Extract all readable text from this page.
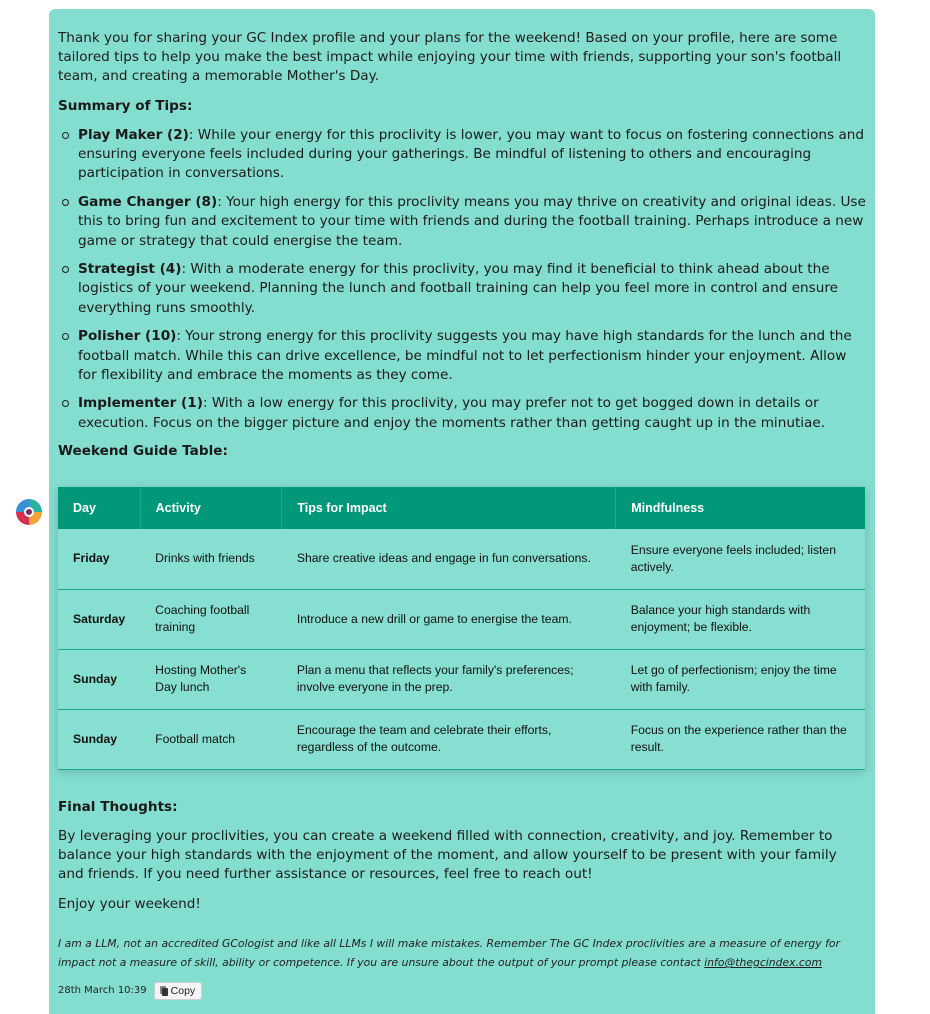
Thank you for sharing your GC Index profile and your plans for the weekend! Based on your profile, here are some tailored tips to help you make the best impact while enjoying your time with friends, supporting your son's football team, and creating a memorable Mother's Day.

Summary of Tips:
Play Maker (2): While your energy for this proclivity is lower, you may want to focus on fostering connections and ensuring everyone feels included during your gatherings. Be mindful of listening to others and encouraging participation in conversations.
Game Changer (8): Your high energy for this proclivity means you may thrive on creativity and original ideas. Use this to bring fun and excitement to your time with friends and during the football training. Perhaps introduce a new game or strategy that could energise the team.
Strategist (4): With a moderate energy for this proclivity, you may find it beneficial to think ahead about the logistics of your weekend. Planning the lunch and football training can help you feel more in control and ensure everything runs smoothly.
Polisher (10): Your strong energy for this proclivity suggests you may have high standards for the lunch and the football match. While this can drive excellence, be mindful not to let perfectionism hinder your enjoyment. Allow for flexibility and embrace the moments as they come.
Implementer (1): With a low energy for this proclivity, you may prefer not to get bogged down in details or execution. Focus on the bigger picture and enjoy the moments rather than getting caught up in the minutiae.
Weekend Guide Table:
Day	Activity	Tips for Impact	Mindfulness
Friday	Drinks with friends	Share creative ideas and engage in fun conversations.	Ensure everyone feels included; listen actively.
Saturday	Coaching football training	Introduce a new drill or game to energise the team.	Balance your high standards with enjoyment; be flexible.
Sunday	Hosting Mother's Day lunch	Plan a menu that reflects your family's preferences; involve everyone in the prep.	Let go of perfectionism; enjoy the time with family.
Sunday	Football match	Encourage the team and celebrate their efforts, regardless of the outcome.	Focus on the experience rather than the result.
Final Thoughts:

By leveraging your proclivities, you can create a weekend filled with connection, creativity, and joy. Remember to balance your high standards with the enjoyment of the moment, and allow yourself to be present with your family and friends. If you need further assistance or resources, feel free to reach out!

Enjoy your weekend!

I am a LLM, not an accredited GCologist and like all LLMs I will make mistakes. Remember The GC Index proclivities are a measure of energy for impact not a measure of skill, ability or competence. If you are unsure about the output of your prompt please contact info@thegcindex.com

28th March 10:39 Copy
